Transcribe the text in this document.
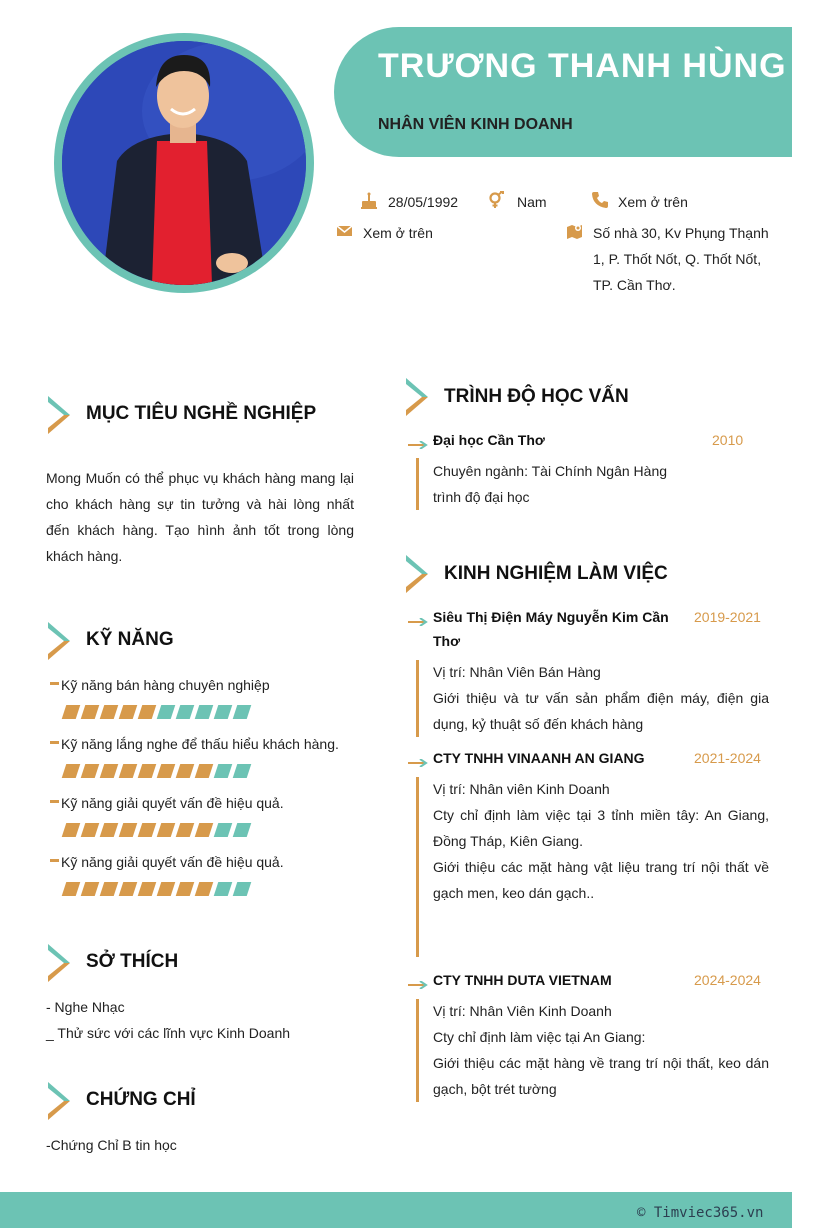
TRƯƠNG THANH HÙNG
NHÂN VIÊN KINH DOANH
28/05/1992	Nam	Xem ở trên
Xem ở trên	Số nhà 30, Kv Phụng Thạnh
1, P. Thốt Nốt, Q. Thốt Nốt,
TP. Cần Thơ.
MỤC TIÊU NGHỀ NGHIỆP
Mong Muốn có thể phục vụ khách hàng mang lại cho khách hàng sự tin tưởng và hài lòng nhất đến khách hàng. Tạo hình ảnh tốt trong lòng khách hàng.
KỸ NĂNG
Kỹ năng bán hàng chuyên nghiệp
Kỹ năng lắng nghe để thấu hiểu khách hàng.
Kỹ năng giải quyết vấn đề hiệu quả.
Kỹ năng giải quyết vấn đề hiệu quả.
SỞ THÍCH
- Nghe Nhạc
_ Thử sức với các lĩnh vực Kinh Doanh
CHỨNG CHỈ
-Chứng Chỉ B tin học
TRÌNH ĐỘ HỌC VẤN
Đại học Cần Thơ	2010
Chuyên ngành: Tài Chính Ngân Hàng
trình độ đại học
KINH NGHIỆM LÀM VIỆC
Siêu Thị Điện Máy Nguyễn Kim Cần Thơ
2019-2021
Vị trí: Nhân Viên Bán Hàng
Giới thiệu và tư vấn sản phẩm điện máy, điện gia dụng, kỷ thuật số đến khách hàng
CTY TNHH VINAANH AN GIANG	2021-2024
Vị trí: Nhân viên Kinh Doanh
Cty chỉ định làm việc tại 3 tỉnh miền tây: An Giang, Đồng Tháp, Kiên Giang.
Giới thiệu các mặt hàng vật liệu trang trí nội thất về gạch men, keo dán gạch..
CTY TNHH DUTA VIETNAM	2024-2024
Vị trí: Nhân Viên Kinh Doanh
Cty chỉ định làm việc tại An Giang:
Giới thiệu các mặt hàng về trang trí nội thất, keo dán gạch, bột trét tường
© Timviec365.vn
